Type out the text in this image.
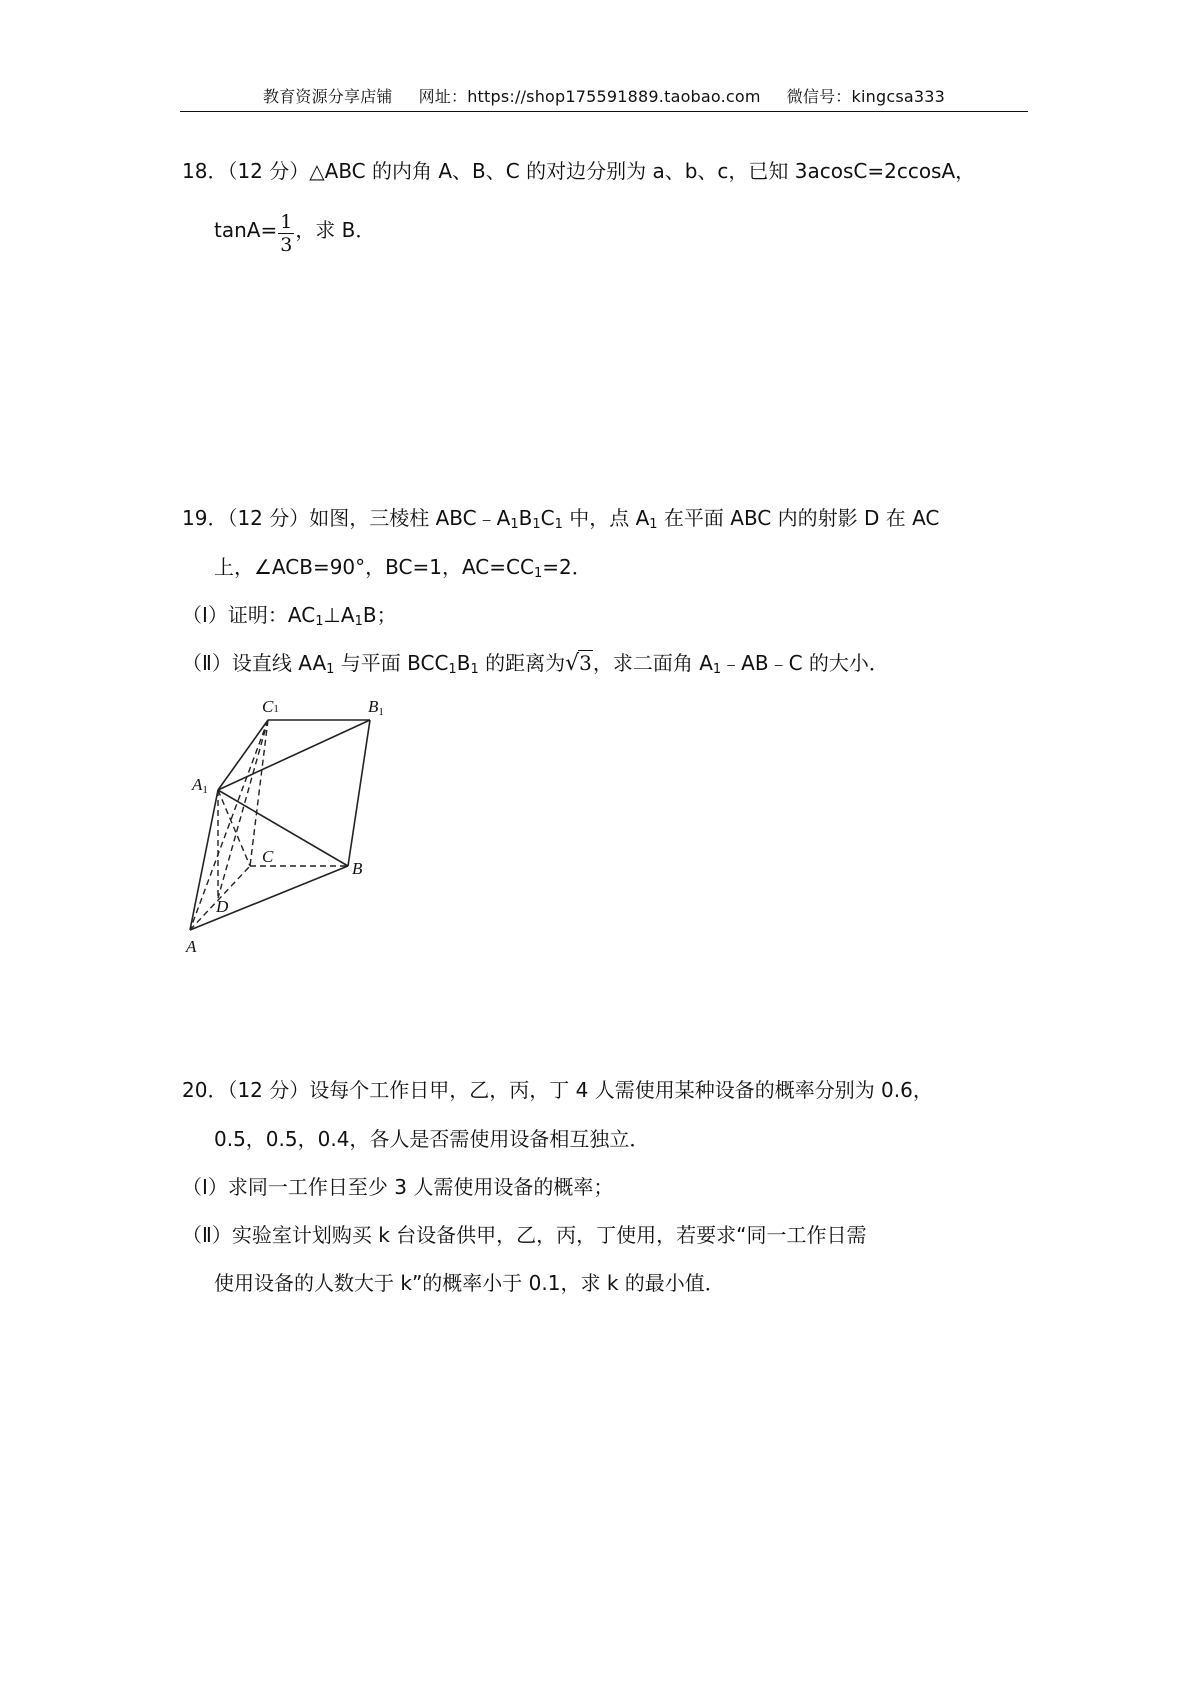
教育资源分享店铺 网址：https://shop175591889.taobao.com 微信号：kingcsa333
18．（12 分）△ABC 的内角 A、B、C 的对边分别为 a、b、c，已知 3acosC=2ccosA，
$\tan A= \frac{1}{3}$ ，求 B．
19．（12 分）如图，三棱柱 $ABC﹣A_1B_1C_1$ 中，点 $A_1$ 在平面 ABC 内的射影 D 在 AC
上，∠ACB=90°，BC=1，$AC=CC_1=2$．
（Ⅰ）证明：$AC_1\perp A_1B$；
（Ⅱ）设直线 $AA_1$ 与平面 $BCC_1B_1$ 的距离为√3，求二面角 $A_1﹣AB﹣C$ 的大小．
C1	B1
A1
C
B
D
A
20．（12 分）设每个工作日甲，乙，丙，丁 4 人需使用某种设备的概率分别为 0.6，
0.5，0.5，0.4，各人是否需使用设备相互独立．
（Ⅰ）求同一工作日至少 3 人需使用设备的概率；
（Ⅱ）实验室计划购买 k 台设备供甲，乙，丙，丁使用，若要求“同一工作日需
使用设备的人数大于 k”的概率小于 0.1，求 k 的最小值．
